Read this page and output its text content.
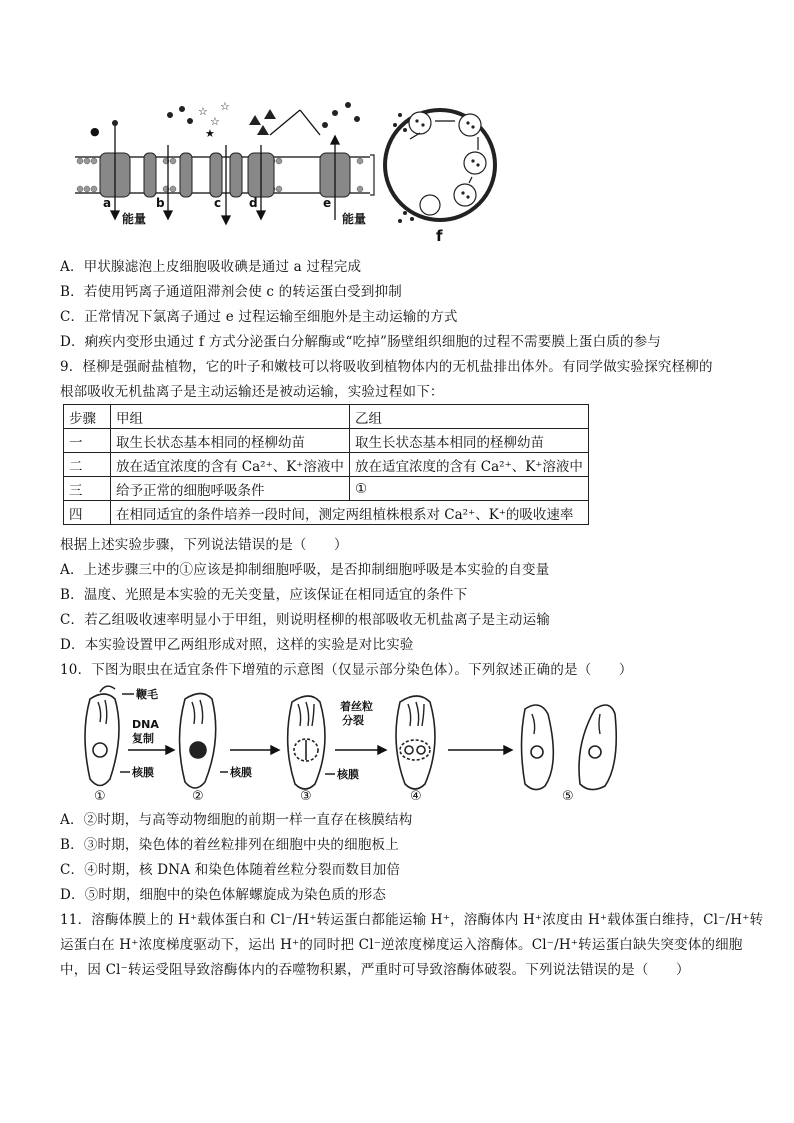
☆
☆
☆
★
●
a	b	c d	e
能量	能量
f
A．甲状腺滤泡上皮细胞吸收碘是通过 a 过程完成
B．若使用钙离子通道阻滞剂会使 c 的转运蛋白受到抑制
C．正常情况下氯离子通过 e 过程运输至细胞外是主动运输的方式
D．痢疾内变形虫通过 f 方式分泌蛋白分解酶或“吃掉”肠壁组织细胞的过程不需要膜上蛋白质的参与
9．柽柳是强耐盐植物，它的叶子和嫩枝可以将吸收到植物体内的无机盐排出体外。有同学做实验探究柽柳的
根部吸收无机盐离子是主动运输还是被动运输，实验过程如下：
步骤	甲组	乙组
一	取生长状态基本相同的柽柳幼苗	取生长状态基本相同的柽柳幼苗
二	放在适宜浓度的含有 Ca²⁺、K⁺溶液中	放在适宜浓度的含有 Ca²⁺、K⁺溶液中
三	给予正常的细胞呼吸条件	①
四	在相同适宜的条件培养一段时间，测定两组植株根系对 Ca²⁺、K⁺的吸收速率	
根据上述实验步骤，下列说法错误的是（　　）
A．上述步骤三中的①应该是抑制细胞呼吸，是否抑制细胞呼吸是本实验的自变量
B．温度、光照是本实验的无关变量，应该保证在相同适宜的条件下
C．若乙组吸收速率明显小于甲组，则说明柽柳的根部吸收无机盐离子是主动运输
D．本实验设置甲乙两组形成对照，这样的实验是对比实验
10．下图为眼虫在适宜条件下增殖的示意图（仅显示部分染色体）。下列叙述正确的是（　　）
鞭毛
DNA
复制
着丝粒
分裂
核膜	核膜	核膜
①	②	③	④	⑤
A．②时期，与高等动物细胞的前期一样一直存在核膜结构
B．③时期，染色体的着丝粒排列在细胞中央的细胞板上
C．④时期，核 DNA 和染色体随着丝粒分裂而数目加倍
D．⑤时期，细胞中的染色体解螺旋成为染色质的形态
11．溶酶体膜上的 H⁺载体蛋白和 Cl⁻/H⁺转运蛋白都能运输 H⁺，溶酶体内 H⁺浓度由 H⁺载体蛋白维持，Cl⁻/H⁺转
运蛋白在 H⁺浓度梯度驱动下，运出 H⁺的同时把 Cl⁻逆浓度梯度运入溶酶体。Cl⁻/H⁺转运蛋白缺失突变体的细胞
中，因 Cl⁻转运受阻导致溶酶体内的吞噬物积累，严重时可导致溶酶体破裂。下列说法错误的是（　　）
